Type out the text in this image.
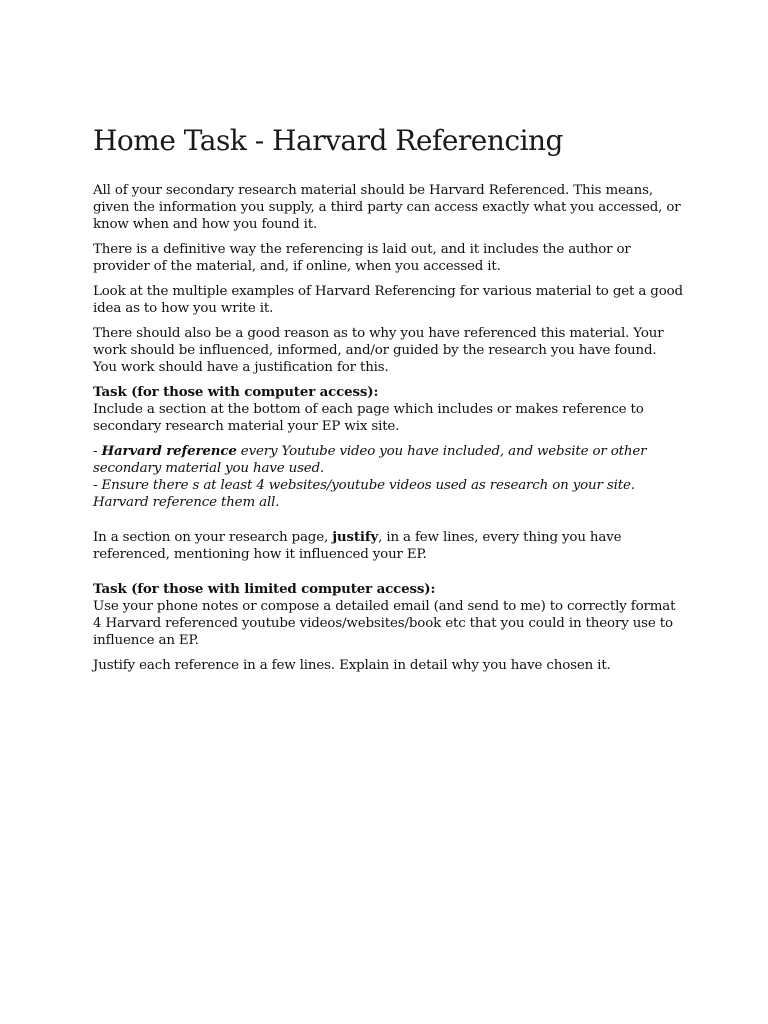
Home Task - Harvard Referencing

All of your secondary research material should be Harvard Referenced. This means, given the information you supply, a third party can access exactly what you accessed, or know when and how you found it.

There is a definitive way the referencing is laid out, and it includes the author or provider of the material, and, if online, when you accessed it.

Look at the multiple examples of Harvard Referencing for various material to get a good idea as to how you write it.

There should also be a good reason as to why you have referenced this material. Your work should be influenced, informed, and/or guided by the research you have found. You work should have a justification for this.

Task (for those with computer access):
Include a section at the bottom of each page which includes or makes reference to secondary research material your EP wix site.

- Harvard reference every Youtube video you have included, and website or other secondary material you have used.
- Ensure there s at least 4 websites/youtube videos used as research on your site. Harvard reference them all.

In a section on your research page, justify, in a few lines, every thing you have referenced, mentioning how it influenced your EP.

Task (for those with limited computer access):
Use your phone notes or compose a detailed email (and send to me) to correctly format 4 Harvard referenced youtube videos/websites/book etc that you could in theory use to influence an EP.

Justify each reference in a few lines. Explain in detail why you have chosen it.
